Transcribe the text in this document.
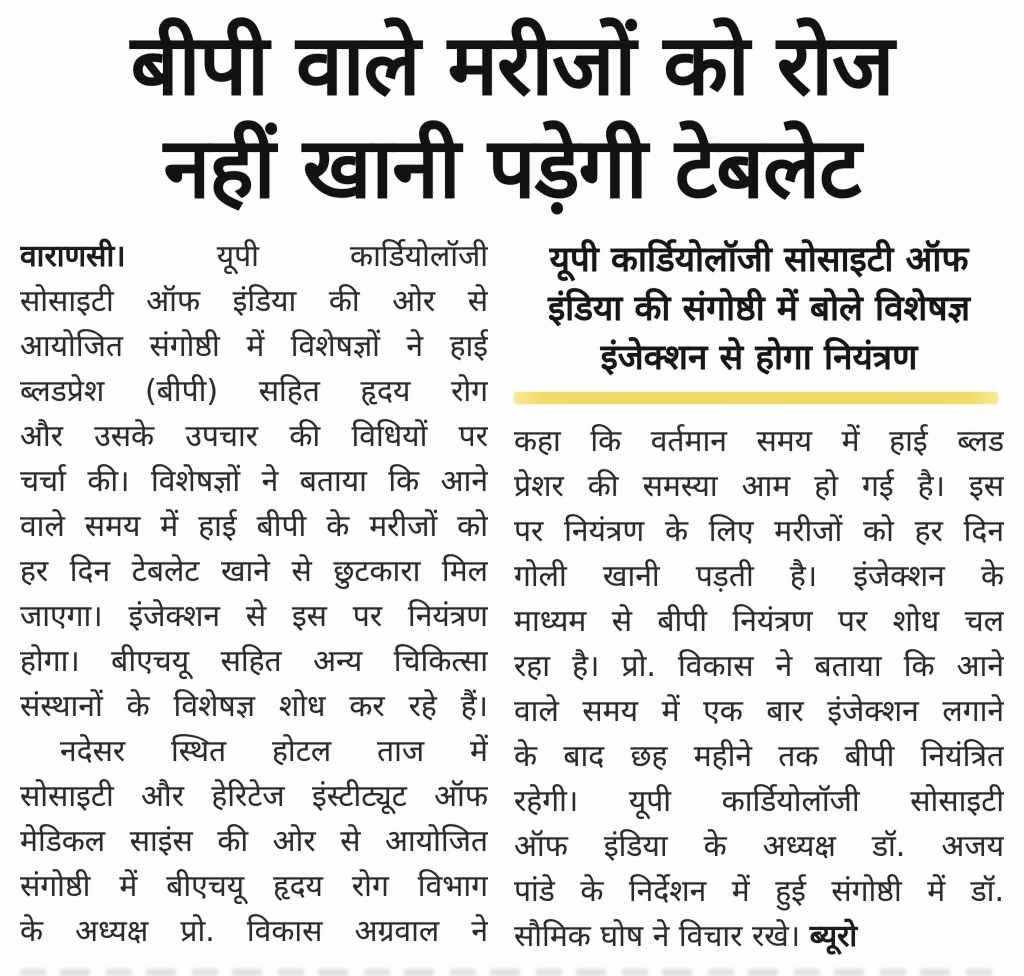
बीपी वाले मरीजों को रोज
नहीं खानी पड़ेगी टेबलेट
वाराणसी।	यूपी कार्डियोलॉजी
सोसाइटी ऑफ इंडिया की ओर से
आयोजित संगोष्ठी में विशेषज्ञों ने हाई
ब्लडप्रेश (बीपी) सहित हृदय रोग
और उसके उपचार की विधियों पर
चर्चा की। विशेषज्ञों ने बताया कि आने
वाले समय में हाई बीपी के मरीजों को
हर दिन टेबलेट खाने से छुटकारा मिल
जाएगा। इंजेक्शन से इस पर नियंत्रण
होगा। बीएचयू सहित अन्य चिकित्सा
संस्थानों के विशेषज्ञ शोध कर रहे हैं।
नदेसर स्थित होटल ताज में
सोसाइटी और हेरिटेज इंस्टीट्यूट ऑफ
मेडिकल साइंस की ओर से आयोजित
संगोष्ठी में बीएचयू हृदय रोग विभाग
के अध्यक्ष प्रो. विकास अग्रवाल ने
यूपी कार्डियोलॉजी सोसाइटी ऑफ
इंडिया की संगोष्ठी में बोले विशेषज्ञ
इंजेक्शन से होगा नियंत्रण
कहा कि वर्तमान समय में हाई ब्लड
प्रेशर की समस्या आम हो गई है। इस
पर नियंत्रण के लिए मरीजों को हर दिन
गोली खानी पड़ती है। इंजेक्शन के
माध्यम से बीपी नियंत्रण पर शोध चल
रहा है। प्रो. विकास ने बताया कि आने
वाले समय में एक बार इंजेक्शन लगाने
के बाद छह महीने तक बीपी नियंत्रित
रहेगी। यूपी कार्डियोलॉजी सोसाइटी
ऑफ इंडिया के अध्यक्ष डॉ. अजय
पांडे के निर्देशन में हुई संगोष्ठी में डॉ.
सौमिक घोष ने विचार रखे। ब्यूरो
